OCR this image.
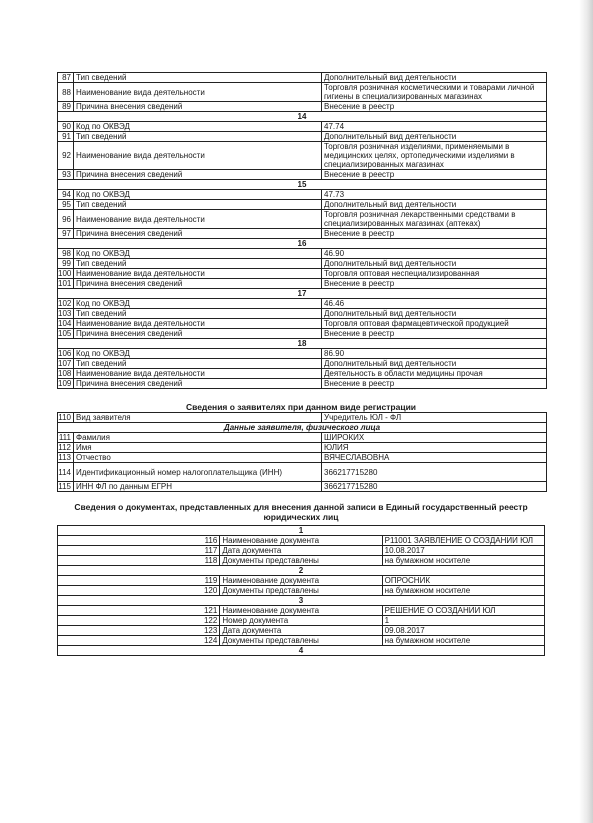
87	Тип сведений	Дополнительный вид деятельности
88	Наименование вида деятельности	Торговля розничная косметическими и товарами личной гигиены в специализированных магазинах
89	Причина внесения сведений	Внесение в реестр
14		
90	Код по ОКВЭД	47.74
91	Тип сведений	Дополнительный вид деятельности
92	Наименование вида деятельности	Торговля розничная изделиями, применяемыми в медицинских целях, ортопедическими изделиями в специализированных магазинах
93	Причина внесения сведений	Внесение в реестр
15		
94	Код по ОКВЭД	47.73
95	Тип сведений	Дополнительный вид деятельности
96	Наименование вида деятельности	Торговля розничная лекарственными средствами в специализированных магазинах (аптеках)
97	Причина внесения сведений	Внесение в реестр
16		
98	Код по ОКВЭД	46.90
99	Тип сведений	Дополнительный вид деятельности
100	Наименование вида деятельности	Торговля оптовая неспециализированная
101	Причина внесения сведений	Внесение в реестр
17		
102	Код по ОКВЭД	46.46
103	Тип сведений	Дополнительный вид деятельности
104	Наименование вида деятельности	Торговля оптовая фармацевтической продукцией
105	Причина внесения сведений	Внесение в реестр
18		
106	Код по ОКВЭД	86.90
107	Тип сведений	Дополнительный вид деятельности
108	Наименование вида деятельности	Деятельность в области медицины прочая
109	Причина внесения сведений	Внесение в реестр
Сведения о заявителях при данном виде регистрации
110	Вид заявителя	Учредитель ЮЛ - ФЛ
Данные заявителя, физического лица		
111	Фамилия	ШИРОКИХ
112	Имя	ЮЛИЯ
113	Отчество	ВЯЧЕСЛАВОВНА
114	Идентификационный номер налогоплательщика (ИНН)	366217715280
115	ИНН ФЛ по данным ЕГРН	366217715280
Сведения о документах, представленных для внесения данной записи в Единый государственный реестр юридических лиц
1		
116	Наименование документа	Р11001 ЗАЯВЛЕНИЕ О СОЗДАНИИ ЮЛ
117	Дата документа	10.08.2017
118	Документы представлены	на бумажном носителе
2		
119	Наименование документа	ОПРОСНИК
120	Документы представлены	на бумажном носителе
3		
121	Наименование документа	РЕШЕНИЕ О СОЗДАНИИ ЮЛ
122	Номер документа	1
123	Дата документа	09.08.2017
124	Документы представлены	на бумажном носителе
4		
